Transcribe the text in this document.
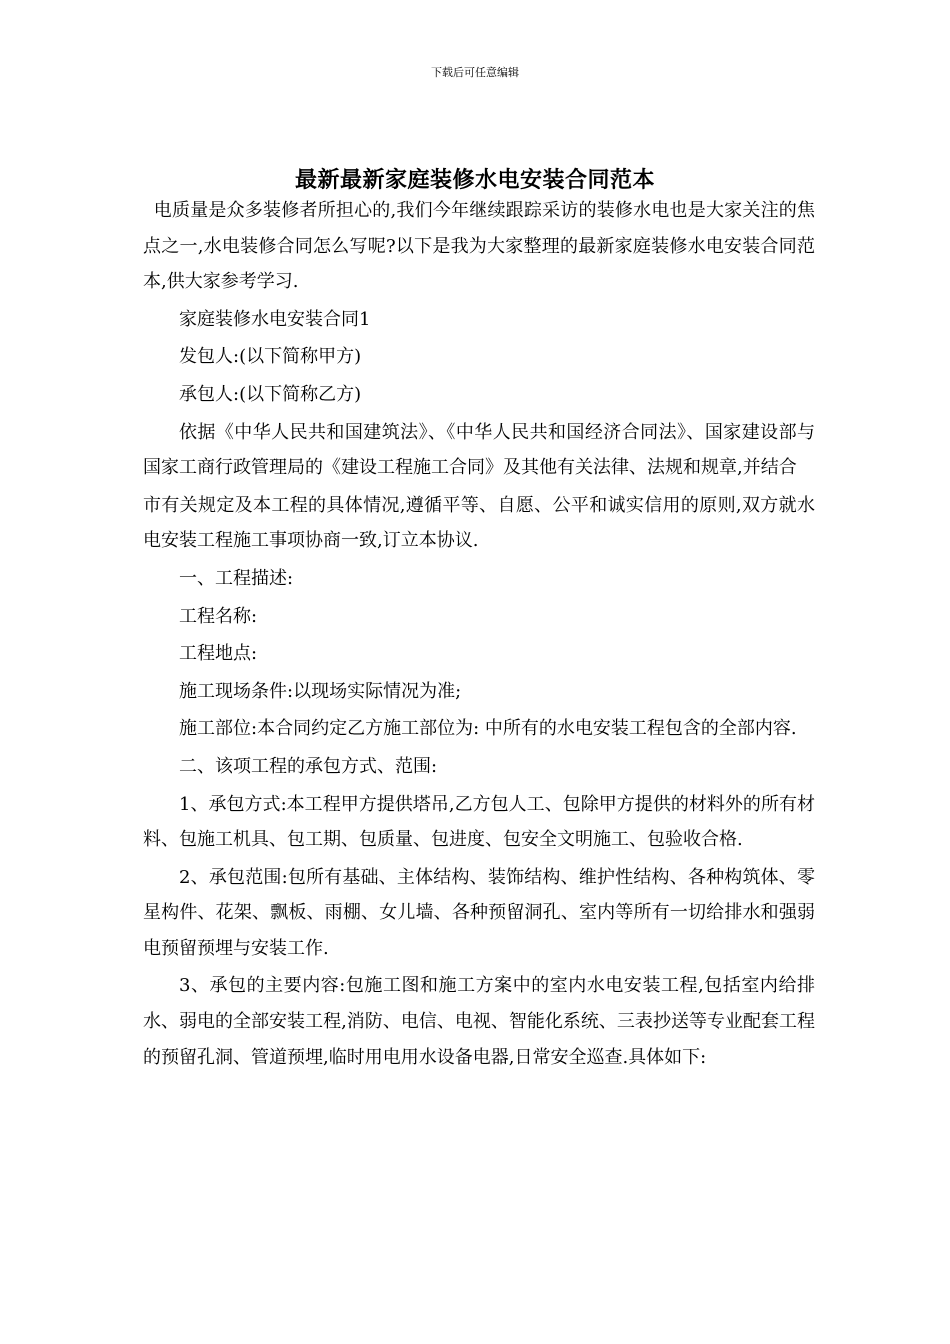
下载后可任意编辑
最新最新家庭装修水电安装合同范本

电质量是众多装修者所担心的,我们今年继续跟踪采访的装修水电也是大家关注的焦点之一,水电装修合同怎么写呢?以下是我为大家整理的最新家庭装修水电安装合同范本,供大家参考学习.

家庭装修水电安装合同1

发包人:(以下简称甲方)

承包人:(以下简称乙方)

依据《中华人民共和国建筑法》、《中华人民共和国经济合同法》、国家建设部与国家工商行政管理局的《建设工程施工合同》及其他有关法律、法规和规章,并结合

市有关规定及本工程的具体情况,遵循平等、自愿、公平和诚实信用的原则,双方就水电安装工程施工事项协商一致,订立本协议.

一、工程描述:

工程名称:

工程地点:

施工现场条件:以现场实际情况为准;

施工部位:本合同约定乙方施工部位为: 中所有的水电安装工程包含的全部内容.

二、该项工程的承包方式、范围:

1、承包方式:本工程甲方提供塔吊,乙方包人工、包除甲方提供的材料外的所有材料、包施工机具、包工期、包质量、包进度、包安全文明施工、包验收合格.

2、承包范围:包所有基础、主体结构、装饰结构、维护性结构、各种构筑体、零星构件、花架、飘板、雨棚、女儿墙、各种预留洞孔、室内等所有一切给排水和强弱电预留预埋与安装工作.

3、承包的主要内容:包施工图和施工方案中的室内水电安装工程,包括室内给排水、弱电的全部安装工程,消防、电信、电视、智能化系统、三表抄送等专业配套工程的预留孔洞、管道预埋,临时用电用水设备电器,日常安全巡查.具体如下:
